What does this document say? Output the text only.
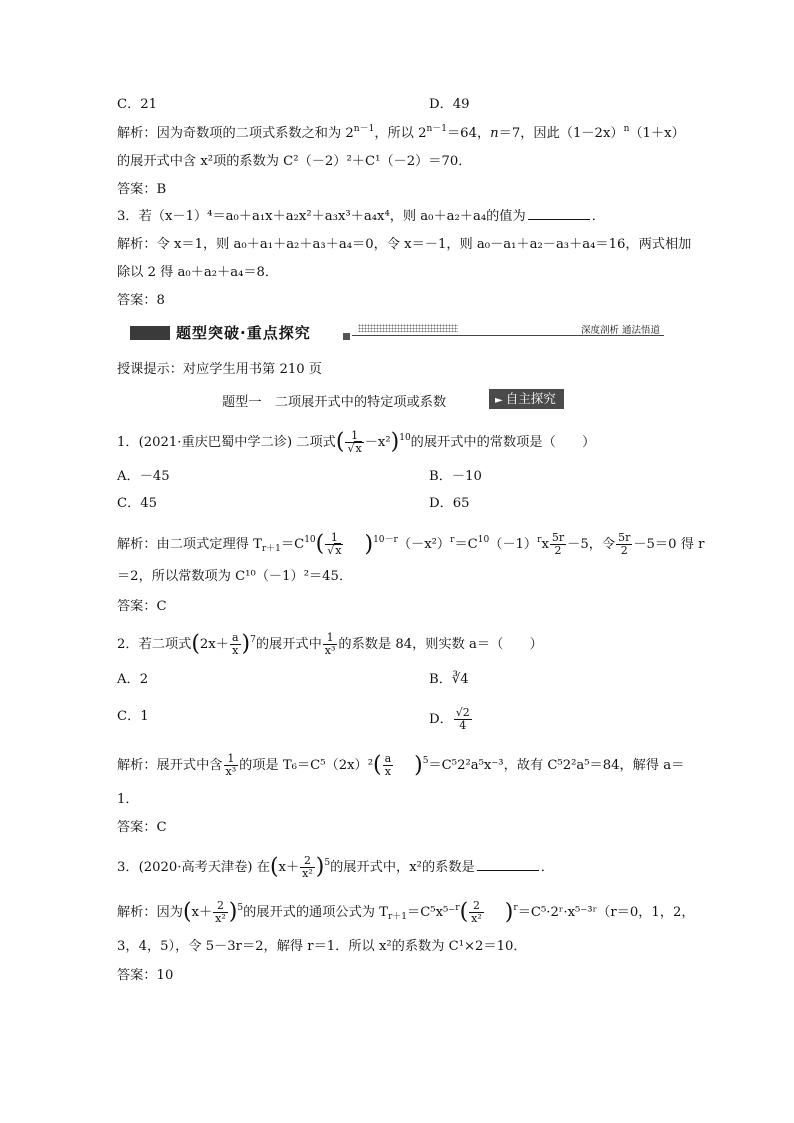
C．21	D．49
解析：因为奇数项的二项式系数之和为 $2^{n-1}$，所以 $2^{n-1}=64$，n＝7，因此$(1-2x)^n(1+x)$
的展开式中含 x²项的系数为 C²（－2）²＋C¹（－2）＝70．
答案：B
3．若（x－1）⁴＝a₀＋a₁x＋a₂x²＋a₃x³＋a₄x⁴，则 a₀＋a₂＋a₄的值为	．
解析：令 x＝1，则 a₀＋a₁＋a₂＋a₃＋a₄＝0，令 x＝－1，则 a₀－a₁＋a₂－a₃＋a₄＝16，两式相加
除以 2 得 a₀＋a₂＋a₄＝8．
答案：8
题型突破·重点探究	深度剖析 通法悟道
授课提示：对应学生用书第 210 页
题型一　二项展开式中的特定项或系数	► 自主探究
1．(2021·重庆巴蜀中学二诊) 二项式( $\frac{1}{√x} -x^2)^{10}$的展开式中的常数项是（　　）
A．－45	B．－10
C．45	D．65
解析：由二项式定理得 $T_{r+1}=C^{10}( \frac{1}{√x} )^{10-r}(-x^2)^r=C^{10}(-1)^rx \frac{5r}{2} -5$，令 $\frac{5r}{2} -5=0$ 得 r
＝2，所以常数项为 C¹⁰（－1）²＝45．
答案：C
2．若二项式$(2x+ \frac{a}{x} )^7$的展开式中 $\frac{1}{\text{x³}}$ 的系数是 84，则实数 a＝（　　）
A．2	B．∛4
C．1	D． $\frac{√2}{4}$
解析：展开式中含 $\frac{1}{\text{x³}}$ 的项是 $T_6=C^5(2x)^2( \frac{a}{x} )^5=C^52^2a^5x^{-3}$，故有 C⁵2²a⁵＝84，解得 a＝
1．
答案：C
3．(2020·高考天津卷) 在$(x+ \frac{2}{\text{x²}} )^5$的展开式中，x²的系数是	．
解析：因为$(x+ \frac{2}{\text{x²}} )^5$的展开式的通项公式为 $T_{r+1}=C^5x^{5-}^r( \frac{2}{\text{x²}}$ )$^r=C^5\cdot 2ʳ\cdot x^{5-3}ʳ(r=0$，1，2，
3，4，5），令 5－3r＝2，解得 r＝1．所以 x²的系数为 C¹×2＝10．
答案：10
